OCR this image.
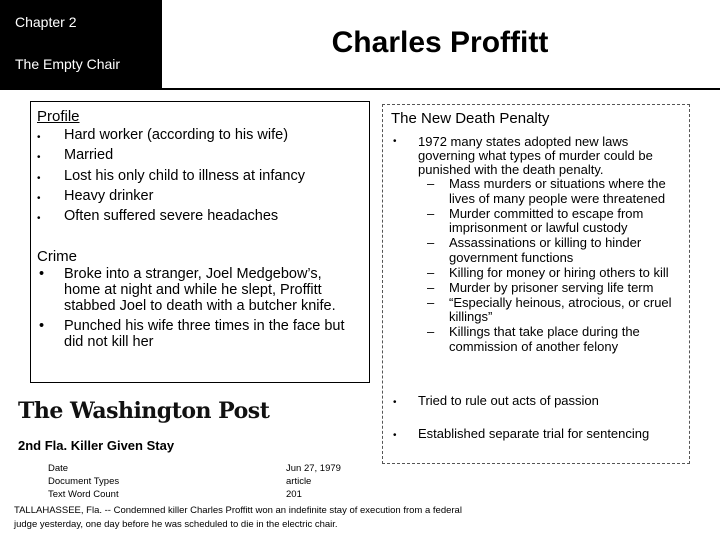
Chapter 2
The Empty Chair
Charles Proffitt
Profile
• Hard worker (according to his wife)
• Married
• Lost his only child to illness at infancy
• Heavy drinker
• Often suffered severe headaches
Crime
• Broke into a stranger, Joel Medgebow’s, home at night and while he slept, Proffitt stabbed Joel to death with a butcher knife.
• Punched his wife three times in the face but did not kill her
The New Death Penalty
• 1972 many states adopted new laws governing what types of murder could be punished with the death penalty.
– Mass murders or situations where the lives of many people were threatened
– Murder committed to escape from imprisonment or lawful custody
– Assassinations or killing to hinder government functions
– Killing for money or hiring others to kill
– Murder by prisoner serving life term
– “Especially heinous, atrocious, or cruel killings”
– Killings that take place during the commission of another felony
• Tried to rule out acts of passion
• Established separate trial for sentencing
The Washington Post
2nd Fla. Killer Given Stay
Date	Jun 27, 1979
Document Types	article
Text Word Count	201
TALLAHASSEE, Fla. -- Condemned killer Charles Proffitt won an indefinite stay of execution from a federal judge yesterday, one day before he was scheduled to die in the electric chair.
